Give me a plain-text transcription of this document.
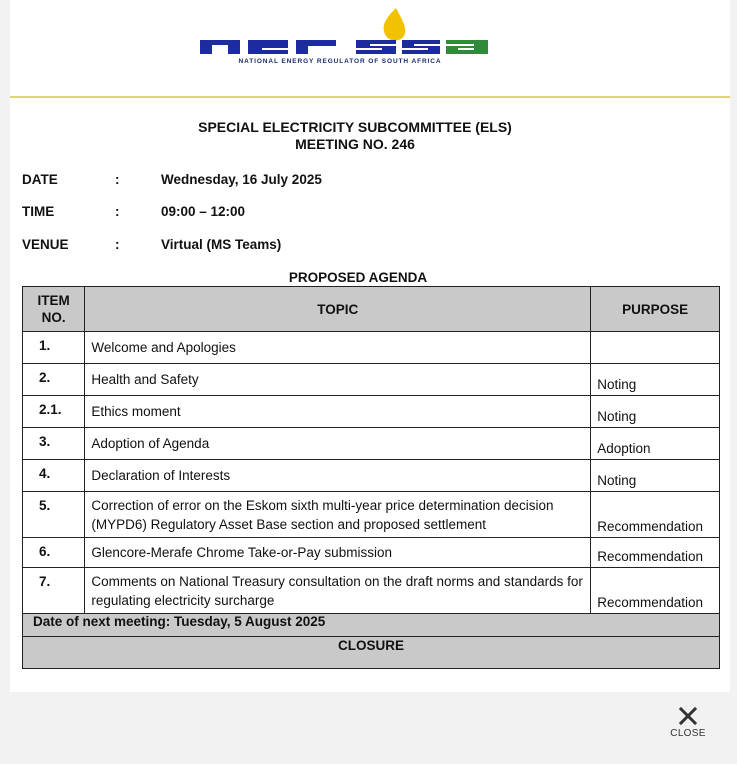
NATIONAL ENERGY REGULATOR OF SOUTH AFRICA
SPECIAL ELECTRICITY SUBCOMMITTEE (ELS)
MEETING NO. 246
DATE	:	Wednesday, 16 July 2025
TIME	:	09:00 – 12:00
VENUE	:	Virtual (MS Teams)
PROPOSED AGENDA
ITEM
NO.	TOPIC	PURPOSE
1.	Welcome and Apologies	
2.	Health and Safety	Noting
2.1.	Ethics moment	Noting
3.	Adoption of Agenda	Adoption
4.	Declaration of Interests	Noting
5.	Correction of error on the Eskom sixth multi-year price determination decision (MYPD6) Regulatory Asset Base section and proposed settlement	Recommendation
6.	Glencore-Merafe Chrome Take-or-Pay submission	Recommendation
7.	Comments on National Treasury consultation on the draft norms and standards for regulating electricity surcharge	Recommendation
Date of next meeting: Tuesday, 5 August 2025		
CLOSURE		
CLOSE
